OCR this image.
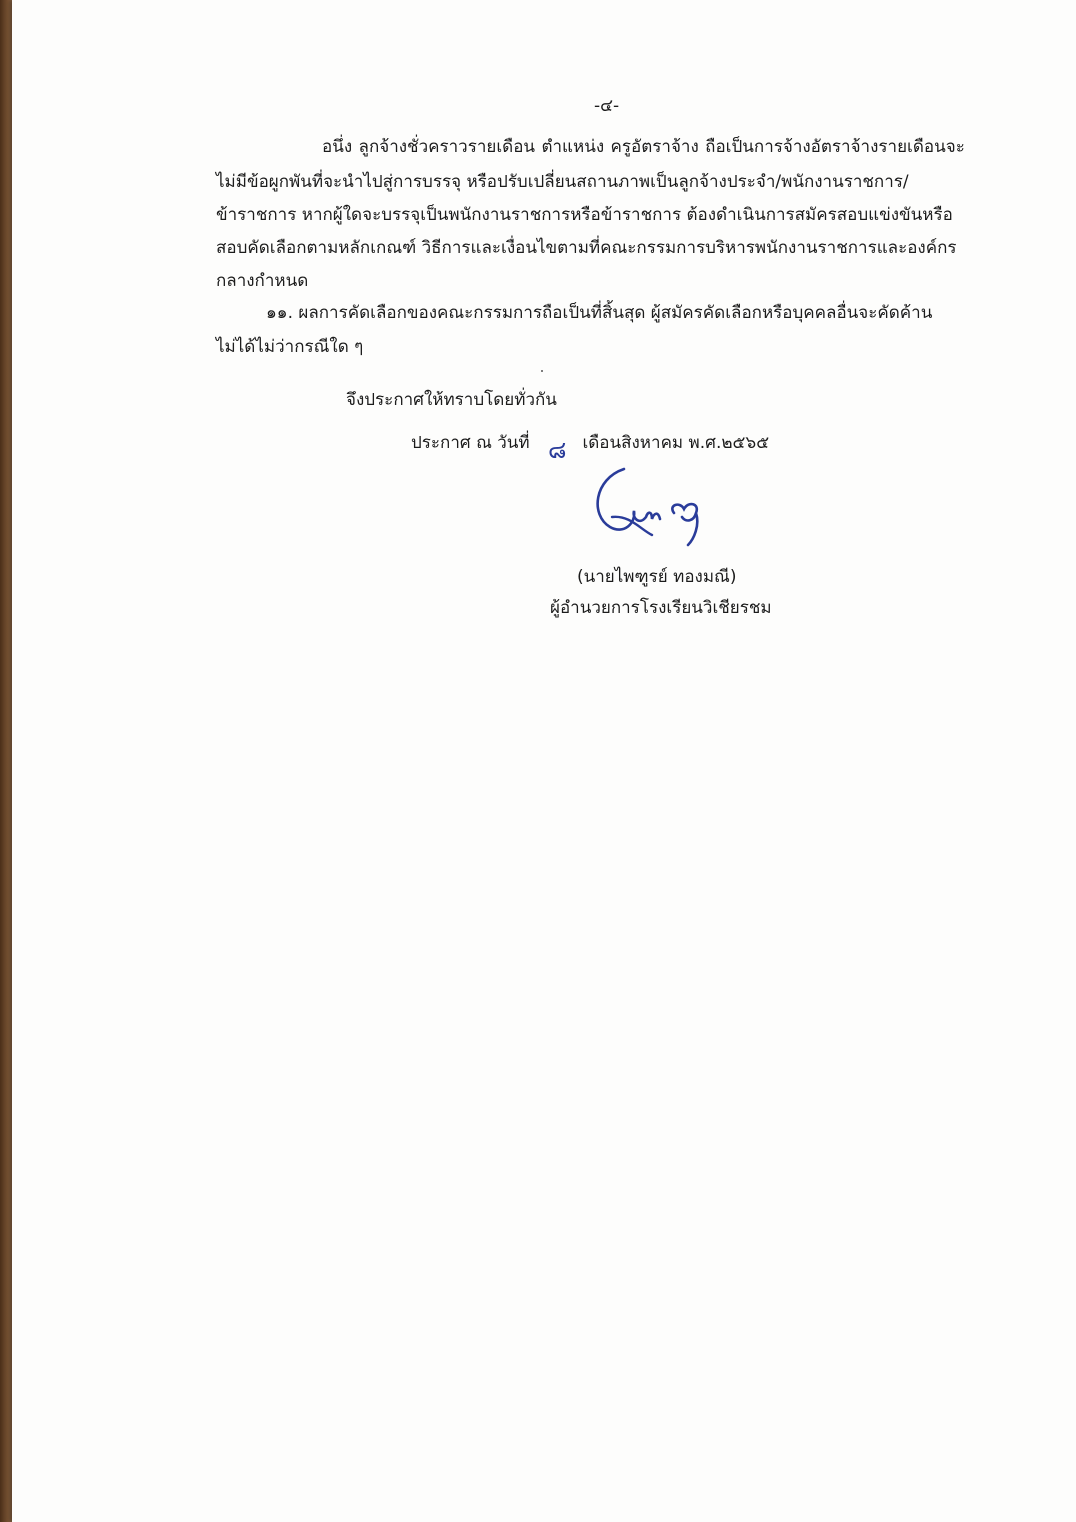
-๔-
อนึ่ง ลูกจ้างชั่วคราวรายเดือน ตำแหน่ง ครูอัตราจ้าง ถือเป็นการจ้างอัตราจ้างรายเดือนจะ
ไม่มีข้อผูกพันที่จะนำไปสู่การบรรจุ หรือปรับเปลี่ยนสถานภาพเป็นลูกจ้างประจำ/พนักงานราชการ/
ข้าราชการ หากผู้ใดจะบรรจุเป็นพนักงานราชการหรือข้าราชการ ต้องดำเนินการสมัครสอบแข่งขันหรือ
สอบคัดเลือกตามหลักเกณฑ์ วิธีการและเงื่อนไขตามที่คณะกรรมการบริหารพนักงานราชการและองค์กร
กลางกำหนด
๑๑. ผลการคัดเลือกของคณะกรรมการถือเป็นที่สิ้นสุด ผู้สมัครคัดเลือกหรือบุคคลอื่นจะคัดค้าน
ไม่ได้ไม่ว่ากรณีใด ๆ
จึงประกาศให้ทราบโดยทั่วกัน
ประกาศ ณ วันที่	เดือนสิงหาคม พ.ศ.๒๕๖๕
๘
(นายไพฑูรย์ ทองมณี)
ผู้อำนวยการโรงเรียนวิเชียรชม
